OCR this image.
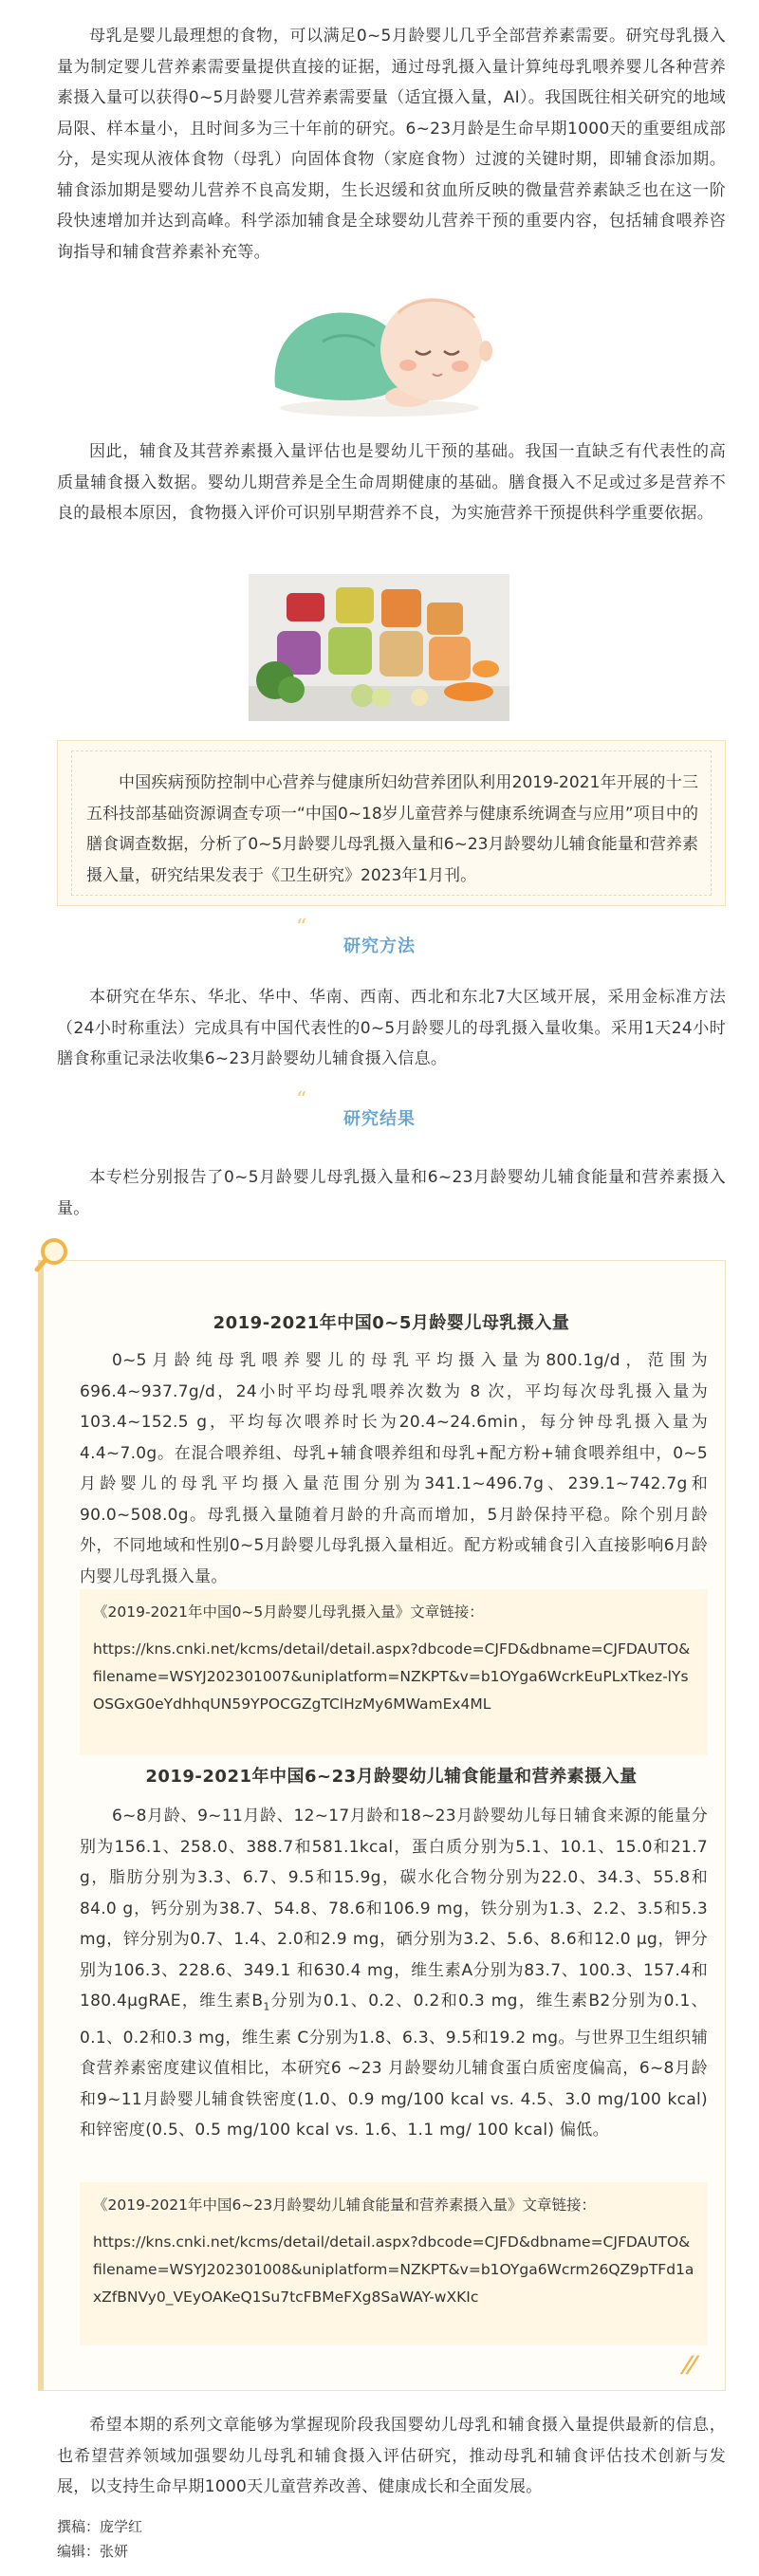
母乳是婴儿最理想的食物，可以满足0~5月龄婴儿几乎全部营养素需要。研究母乳摄入量为制定婴儿营养素需要量提供直接的证据，通过母乳摄入量计算纯母乳喂养婴儿各种营养素摄入量可以获得0~5月龄婴儿营养素需要量（适宜摄入量，AI）。我国既往相关研究的地域局限、样本量小，且时间多为三十年前的研究。6~23月龄是生命早期1000天的重要组成部分，是实现从液体食物（母乳）向固体食物（家庭食物）过渡的关键时期，即辅食添加期。辅食添加期是婴幼儿营养不良高发期，生长迟缓和贫血所反映的微量营养素缺乏也在这一阶段快速增加并达到高峰。科学添加辅食是全球婴幼儿营养干预的重要内容，包括辅食喂养咨询指导和辅食营养素补充等。

因此，辅食及其营养素摄入量评估也是婴幼儿干预的基础。我国一直缺乏有代表性的高质量辅食摄入数据。婴幼儿期营养是全生命周期健康的基础。膳食摄入不足或过多是营养不良的最根本原因，食物摄入评价可识别早期营养不良，为实施营养干预提供科学重要依据。

中国疾病预防控制中心营养与健康所妇幼营养团队利用2019-2021年开展的十三五科技部基础资源调查专项一“中国0~18岁儿童营养与健康系统调查与应用”项目中的膳食调查数据，分析了0~5月龄婴儿母乳摄入量和6~23月龄婴幼儿辅食能量和营养素摄入量，研究结果发表于《卫生研究》2023年1月刊。

“
研究方法

本研究在华东、华北、华中、华南、西南、西北和东北7大区域开展，采用金标准方法（24小时称重法）完成具有中国代表性的0~5月龄婴儿的母乳摄入量收集。采用1天24小时膳食称重记录法收集6~23月龄婴幼儿辅食摄入信息。

“
研究结果

本专栏分别报告了0~5月龄婴儿母乳摄入量和6~23月龄婴幼儿辅食能量和营养素摄入量。

2019-2021年中国0~5月龄婴儿母乳摄入量

0~5月龄纯母乳喂养婴儿的母乳平均摄入量为800.1g/d，范围为696.4~937.7g/d，24小时平均母乳喂养次数为 8 次，平均每次母乳摄入量为 103.4~152.5 g，平均每次喂养时长为20.4~24.6min，每分钟母乳摄入量为4.4~7.0g。在混合喂养组、母乳+辅食喂养组和母乳+配方粉+辅食喂养组中，0~5月龄婴儿的母乳平均摄入量范围分别为341.1~496.7g、239.1~742.7g和90.0~508.0g。母乳摄入量随着月龄的升高而增加，5月龄保持平稳。除个别月龄外，不同地域和性别0~5月龄婴儿母乳摄入量相近。配方粉或辅食引入直接影响6月龄内婴儿母乳摄入量。

《2019-2021年中国0~5月龄婴儿母乳摄入量》文章链接：

https://kns.cnki.net/kcms/detail/detail.aspx?dbcode=CJFD&dbname=CJFDAUTO&filename=WSYJ202301007&uniplatform=NZKPT&v=b1OYga6WcrkEuPLxTkez-lYsOSGxG0eYdhhqUN59YPOCGZgTClHzMy6MWamEx4ML

2019-2021年中国6~23月龄婴幼儿辅食能量和营养素摄入量

6~8月龄、9~11月龄、12~17月龄和18~23月龄婴幼儿每日辅食来源的能量分别为156.1、258.0、388.7和581.1kcal，蛋白质分别为5.1、10.1、15.0和21.7 g，脂肪分别为3.3、6.7、9.5和15.9g，碳水化合物分别为22.0、34.3、55.8和84.0 g，钙分别为38.7、54.8、78.6和106.9 mg，铁分别为1.3、2.2、3.5和5.3 mg，锌分别为0.7、1.4、2.0和2.9 mg，硒分别为3.2、5.6、8.6和12.0 μg，钾分别为106.3、228.6、349.1 和630.4 mg，维生素A分别为83.7、100.3、157.4和180.4μgRAE，维生素$B_1$分别为0.1、0.2、0.2和0.3 mg，维生素B2分别为0.1、0.1、0.2和0.3 mg，维生素 C分别为1.8、6.3、9.5和19.2 mg。与世界卫生组织辅食营养素密度建议值相比，本研究6 ~23 月龄婴幼儿辅食蛋白质密度偏高，6~8月龄和9~11月龄婴儿辅食铁密度(1.0、0.9 mg/100 kcal vs. 4.5、3.0 mg/100 kcal)和锌密度(0.5、0.5 mg/100 kcal vs. 1.6、1.1 mg/ 100 kcal) 偏低。

《2019-2021年中国6~23月龄婴幼儿辅食能量和营养素摄入量》文章链接：

https://kns.cnki.net/kcms/detail/detail.aspx?dbcode=CJFD&dbname=CJFDAUTO&filename=WSYJ202301008&uniplatform=NZKPT&v=b1OYga6Wcrm26QZ9pTFd1axZfBNVy0_VEyOAKeQ1Su7tcFBMeFXg8SaWAY-wXKIc

//

希望本期的系列文章能够为掌握现阶段我国婴幼儿母乳和辅食摄入量提供最新的信息，也希望营养领域加强婴幼儿母乳和辅食摄入评估研究，推动母乳和辅食评估技术创新与发展，以支持生命早期1000天儿童营养改善、健康成长和全面发展。

撰稿：庞学红
编辑：张妍
